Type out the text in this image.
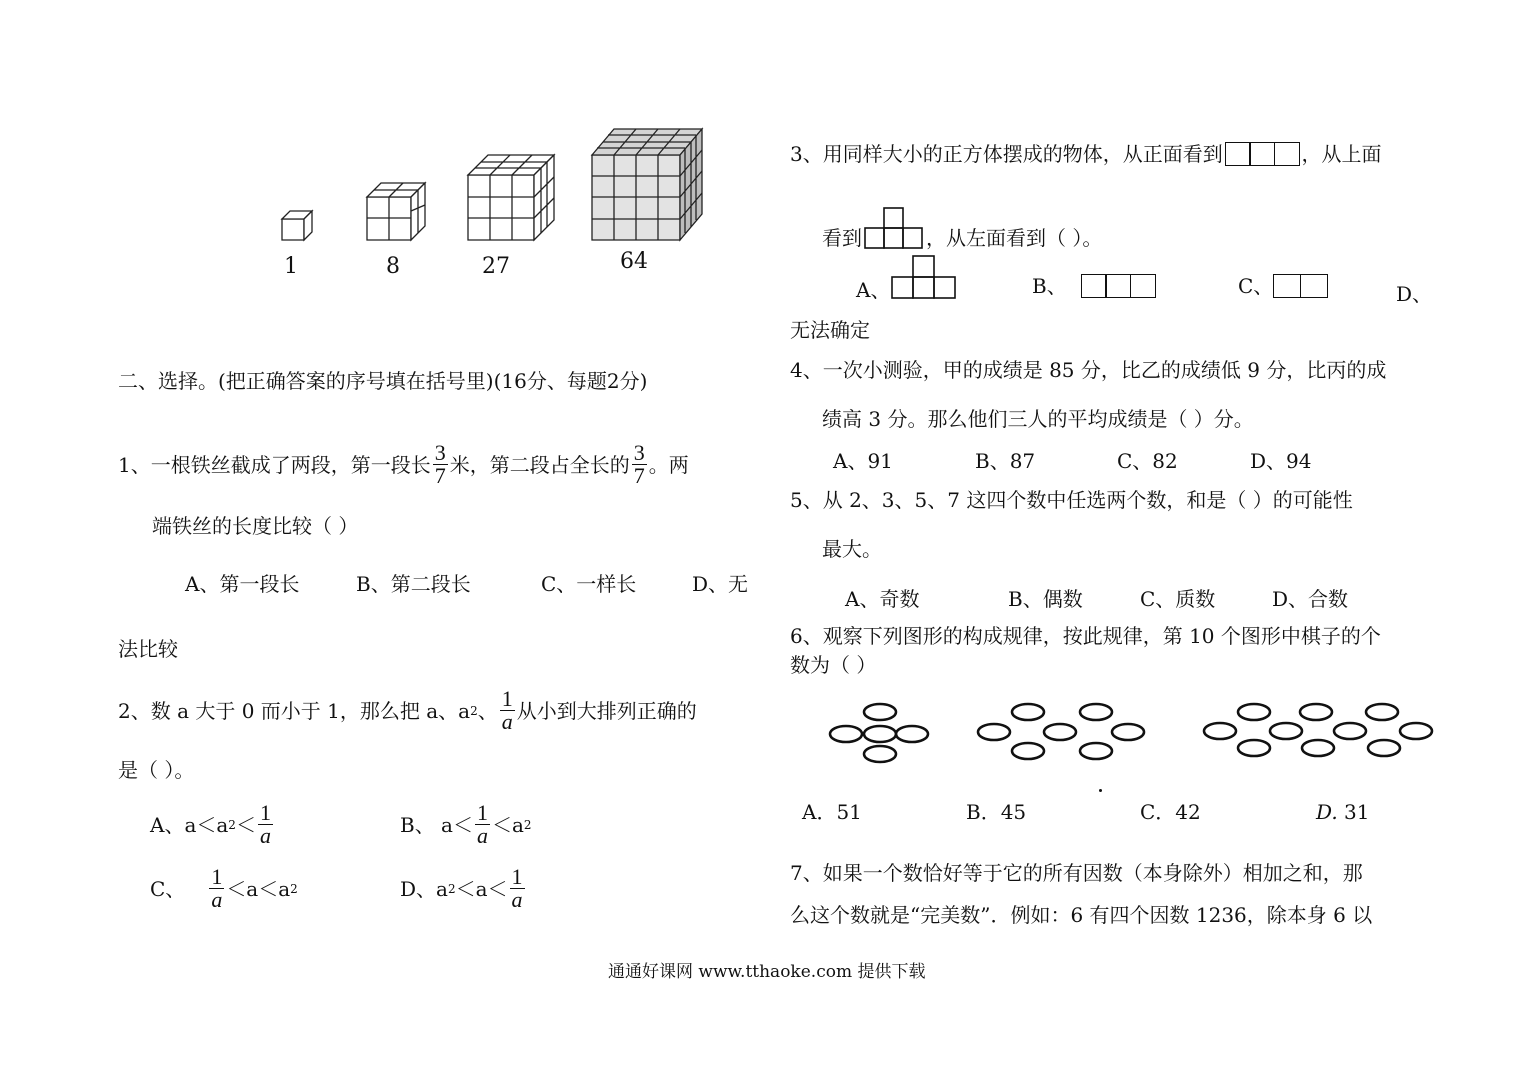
1	8	27	64
二、选择。(把正确答案的序号填在括号里)(16分、每题2分)
1、一根铁丝截成了两段，第一段长 $\frac{3}{7}$ 米，第二段占全长的 $\frac{3}{7}$ 。两
端铁丝的长度比较（ ）
A、第一段长	B、第二段长	C、一样长	D、无
法比较
2、数 a 大于 0 而小于 1，那么把 a、a 2 、 $\frac{1}{a}$ 从小到大排列正确的
是（ ）。
A、a＜a $2 < \frac{1}{a}$	B、 $a< \frac{1}{a} <a$ 2
C、 $\frac{1}{a} <a<a$ 2	D、a $2 <a< \frac{1}{a}$
3、用同样大小的正方体摆成的物体，从正面看到	，从上面
看到	，从左面看到（ ）。
A、	B、	C、	D、
无法确定
4、一次小测验，甲的成绩是 85 分，比乙的成绩低 9 分，比丙的成
绩高 3 分。那么他们三人的平均成绩是（ ）分。
A、91	B、87	C、82	D、94
5、从 2、3、5、7 这四个数中任选两个数，和是（ ）的可能性
最大。
A、奇数	B、偶数	C、质数	D、合数
6、观察下列图形的构成规律，按此规律，第 10 个图形中棋子的个
数为（ ）
A．51	B．45	C．42	D. 31
7、如果一个数恰好等于它的所有因数（本身除外）相加之和，那
么这个数就是“完美数”．例如：6 有四个因数 1236，除本身 6 以
通通好课网 www.tthaoke.com 提供下载
